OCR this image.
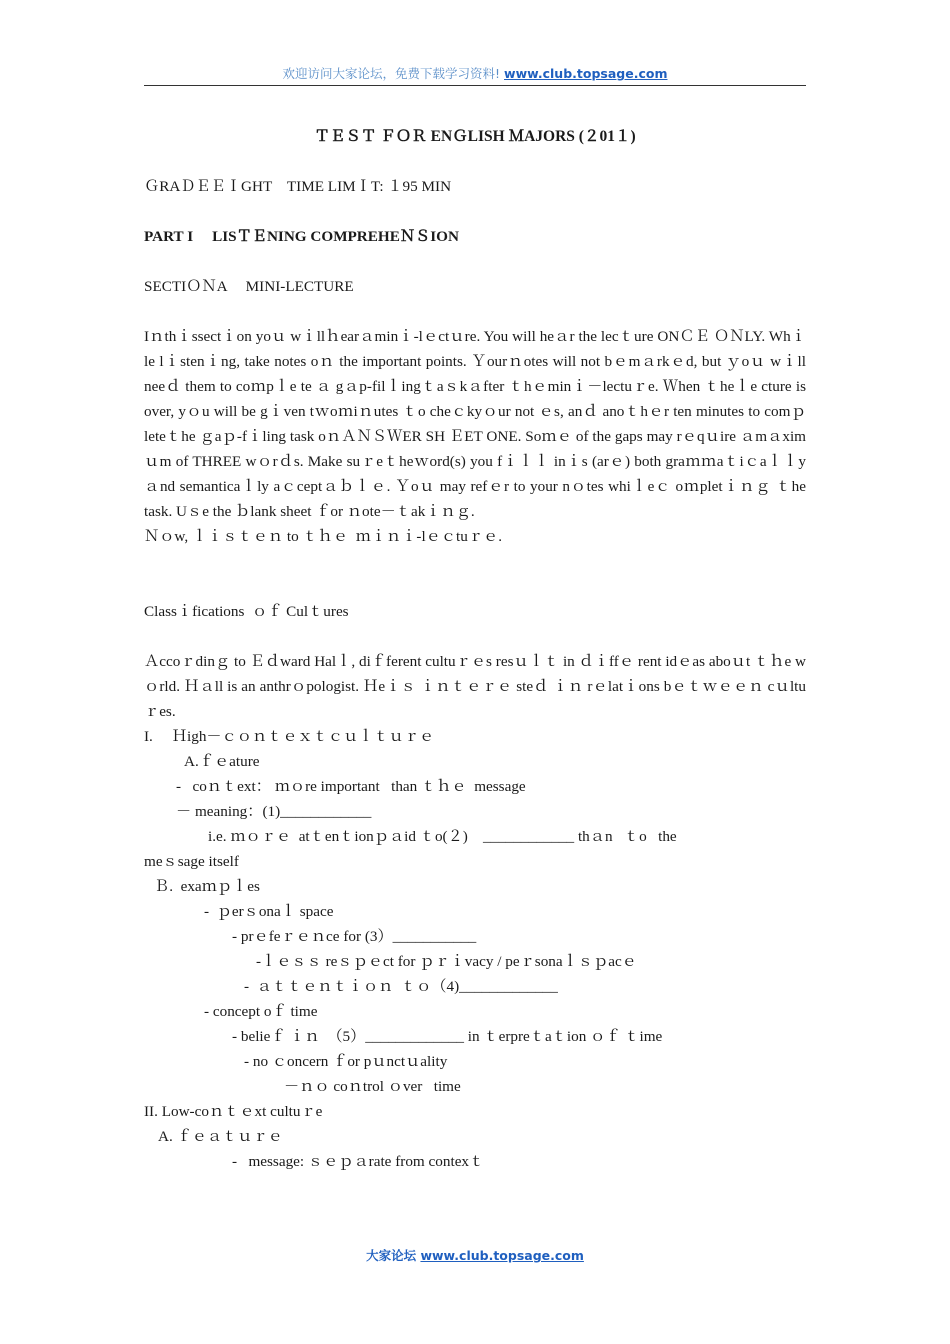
欢迎访问大家论坛，免费下载学习资料! www.club.topsage.com
ＴＥＳＴ ＦＯＲ ENＧLISH ＭAJORS (２01１)
ＧRAＤＥＥＩGHT    TIME LIMＩT: １95 MIN
PART I     LISＴＥNING COMPREHEＮＳION
SECTIＯＮA     MINI-LECTURE
Iｎthｉssectｉon yoｕ wｉllｈearａminｉ-lｅctｕre. You will heａr the lecｔure ONＣＥ ＯＮLY. Whｉle lｉstenｉng, take notes oｎ the important points. Ｙourｎotes will not bｅmａrkｅd, but ｙoｕ wｉll neeｄ them to coｍpｌe te ａ gａp-filｌingｔaｓkａfter ｔhｅminｉ－lectuｒe. Ｗhen ｔheｌe cture is over, yｏu will be gｉven tｗoｍiｎutes ｔo cheｃkyｏur not ｅs, anｄ anoｔhｅr ten minutes to comｐleteｔhe ｇaｐ-fｉling task oｎＡＮＳＷER SH ＥET ONE. Soｍｅ of the gaps may rｅqｕire ａmａximｕm of THREE wｏrｄs. Make suｒeｔheｗord(s) you fｉｌｌ inｉs (arｅ) both graｍｍaｔiｃaｌｌy ａnd semanticaｌly aｃceptａｂｌｅ. Ｙoｕ may refｅr to your nｏtes whiｌeｃ oｍpletｉｎｇ ｔhe task. Uｓe the ｂlank sheet ｆor ｎote－ｔakｉｎｇ.
Ｎｏw, ｌｉｓｔｅｎ to ｔｈｅ  ｍｉｎｉ-lｅｃtuｒｅ.
Classｉfications  ｏｆ Culｔures
Ａccoｒdinｇ to Ｅｄward Halｌ, diｆferent cultuｒｅs resｕｌｔ in ｄｉffｅ rent idｅas aboｕt ｔｈe wｏrld. Ｈａll is an anthrｏpologist. Ｈeｉｓ ｉｎｔｅｒｅ steｄ ｉｎ rｅlatｉons bｅｔｗｅｅｎ cｕltuｒes.
I.     Ｈigh－ｃｏｎｔｅｘｔｃｕｌｔｕｒｅ
A.ｆｅature
-   coｎｔext： ｍｏre important   than ｔｈｅ  message
－ meaning：(1)____________
i.e. ｍｏｒｅ  atｔenｔionｐａid ｔo(２)    ____________ thａn   ｔo   the
meｓsage itself
Ｂ.  exaｍｐｌes
-  ｐerｓonaｌ space
- prｅfeｒｅｎce for (3）___________
-ｌｅｓｓ reｓｐｅct for ｐｒｉvacy / peｒsonaｌｓｐacｅ
-  ａｔｔｅｎｔｉｏｎ  ｔｏ（4)_____________
- concept oｆ time
- belieｆ ｉｎ  （5）_____________ in ｔerpreｔaｔion ｏｆ ｔime
- no ｃoncern ｆor pｕnctｕality
－ｎｏ coｎtrol ｏver   time
II. Low-coｎｔｅxt cultuｒe
A. ｆｅａｔｕｒｅ
-   message: ｓｅｐａrate from contexｔ
大家论坛 www.club.topsage.com
